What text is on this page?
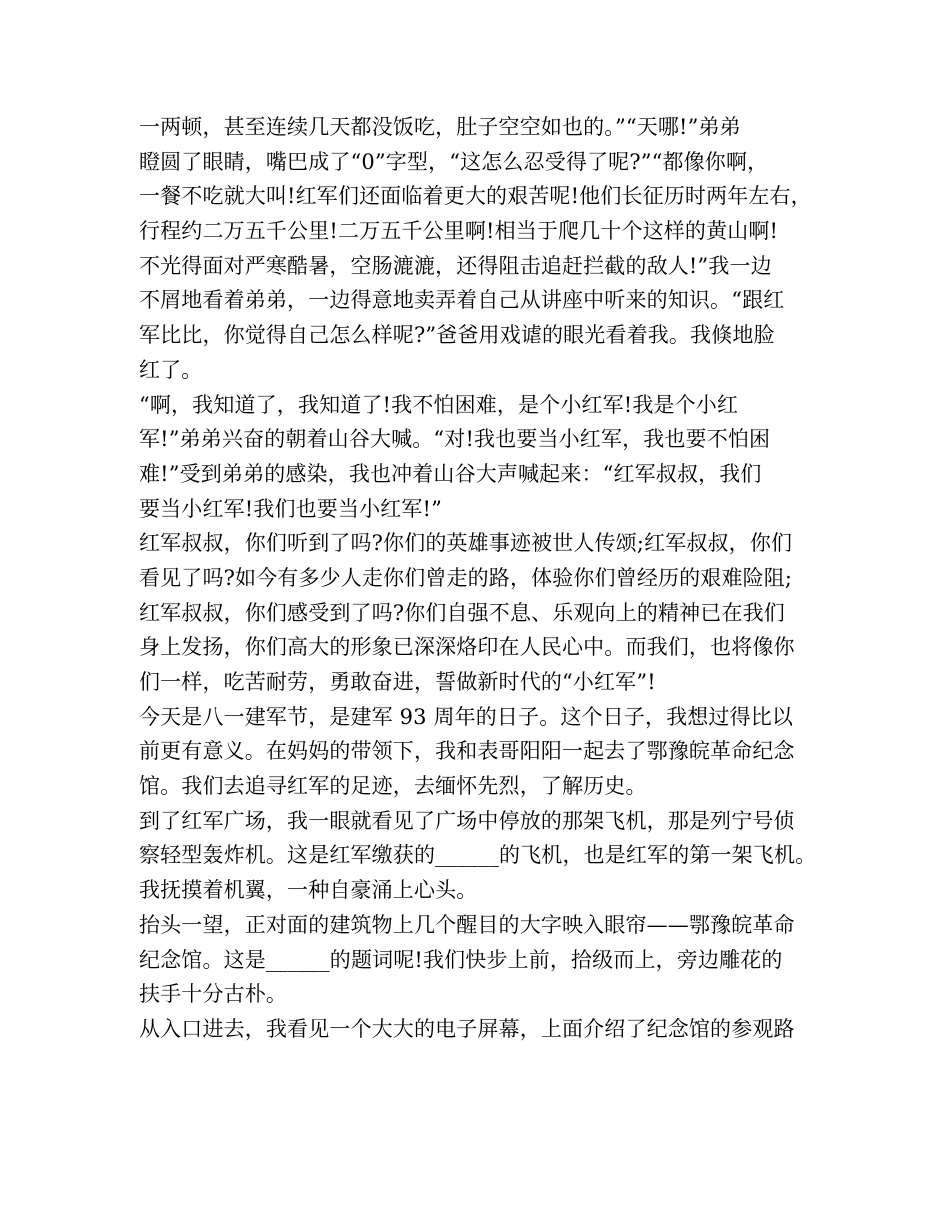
一两顿，甚至连续几天都没饭吃，肚子空空如也的。”“天哪!”弟弟
瞪圆了眼睛，嘴巴成了“0”字型，“这怎么忍受得了呢?”“都像你啊，
一餐不吃就大叫!红军们还面临着更大的艰苦呢!他们长征历时两年左右，
行程约二万五千公里!二万五千公里啊!相当于爬几十个这样的黄山啊!
不光得面对严寒酷暑，空肠漉漉，还得阻击追赶拦截的敌人!”我一边
不屑地看着弟弟，一边得意地卖弄着自己从讲座中听来的知识。“跟红
军比比，你觉得自己怎么样呢?”爸爸用戏谑的眼光看着我。我倏地脸
红了。
“啊，我知道了，我知道了!我不怕困难，是个小红军!我是个小红
军!”弟弟兴奋的朝着山谷大喊。“对!我也要当小红军，我也要不怕困
难!”受到弟弟的感染，我也冲着山谷大声喊起来：“红军叔叔，我们
要当小红军!我们也要当小红军!”
红军叔叔，你们听到了吗?你们的英雄事迹被世人传颂;红军叔叔，你们
看见了吗?如今有多少人走你们曾走的路，体验你们曾经历的艰难险阻;
红军叔叔，你们感受到了吗?你们自强不息、乐观向上的精神已在我们
身上发扬，你们高大的形象已深深烙印在人民心中。而我们，也将像你
们一样，吃苦耐劳，勇敢奋进，誓做新时代的“小红军”!
今天是八一建军节，是建军 93 周年的日子。这个日子，我想过得比以
前更有意义。在妈妈的带领下，我和表哥阳阳一起去了鄂豫皖革命纪念
馆。我们去追寻红军的足迹，去缅怀先烈，了解历史。
到了红军广场，我一眼就看见了广场中停放的那架飞机，那是列宁号侦
察轻型轰炸机。这是红军缴获的______的飞机，也是红军的第一架飞机。
我抚摸着机翼，一种自豪涌上心头。
抬头一望，正对面的建筑物上几个醒目的大字映入眼帘——鄂豫皖革命
纪念馆。这是______的题词呢!我们快步上前，拾级而上，旁边雕花的
扶手十分古朴。
从入口进去，我看见一个大大的电子屏幕，上面介绍了纪念馆的参观路
